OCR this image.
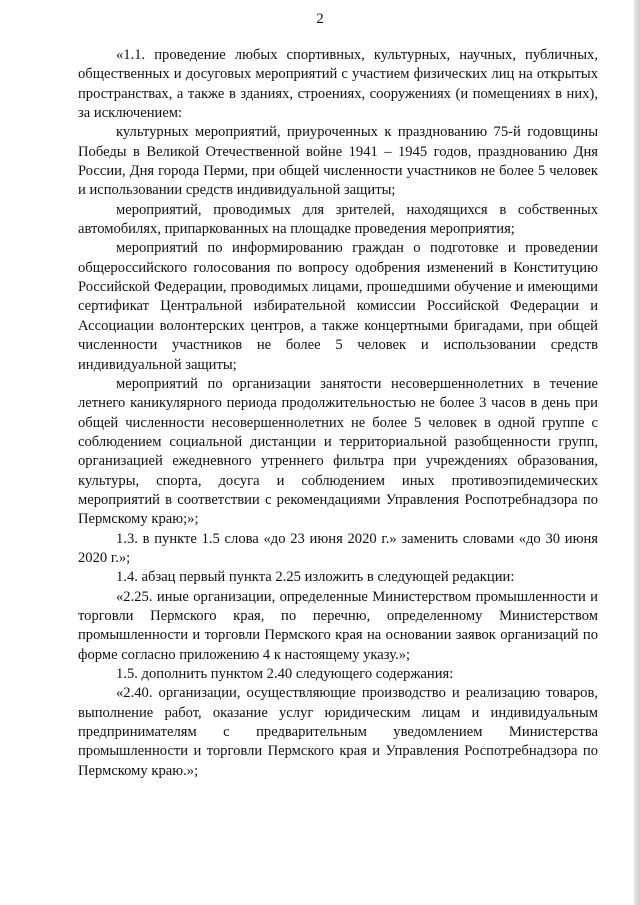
2

«1.1. проведение любых спортивных, культурных, научных, публичных, общественных и досуговых мероприятий с участием физических лиц на открытых пространствах, а также в зданиях, строениях, сооружениях (и помещениях в них), за исключением:

культурных мероприятий, приуроченных к празднованию 75-й годовщины Победы в Великой Отечественной войне 1941 – 1945 годов, празднованию Дня России, Дня города Перми, при общей численности участников не более 5 человек и использовании средств индивидуальной защиты;

мероприятий, проводимых для зрителей, находящихся в собственных автомобилях, припаркованных на площадке проведения мероприятия;

мероприятий по информированию граждан о подготовке и проведении общероссийского голосования по вопросу одобрения изменений в Конституцию Российской Федерации, проводимых лицами, прошедшими обучение и имеющими сертификат Центральной избирательной комиссии Российской Федерации и Ассоциации волонтерских центров, а также концертными бригадами, при общей численности участников не более 5 человек и использовании средств индивидуальной защиты;

мероприятий по организации занятости несовершеннолетних в течение летнего каникулярного периода продолжительностью не более 3 часов в день при общей численности несовершеннолетних не более 5 человек в одной группе с соблюдением социальной дистанции и территориальной разобщенности групп, организацией ежедневного утреннего фильтра при учреждениях образования, культуры, спорта, досуга и соблюдением иных противоэпидемических мероприятий в соответствии с рекомендациями Управления Роспотребнадзора по Пермскому краю;»;

1.3. в пункте 1.5 слова «до 23 июня 2020 г.» заменить словами «до 30 июня 2020 г.»;

1.4. абзац первый пункта 2.25 изложить в следующей редакции:

«2.25. иные организации, определенные Министерством промышленности и торговли Пермского края, по перечню, определенному Министерством промышленности и торговли Пермского края на основании заявок организаций по форме согласно приложению 4 к настоящему указу.»;

1.5. дополнить пунктом 2.40 следующего содержания:

«2.40. организации, осуществляющие производство и реализацию товаров, выполнение работ, оказание услуг юридическим лицам и индивидуальным предпринимателям с предварительным уведомлением Министерства промышленности и торговли Пермского края и Управления Роспотребнадзора по Пермскому краю.»;
